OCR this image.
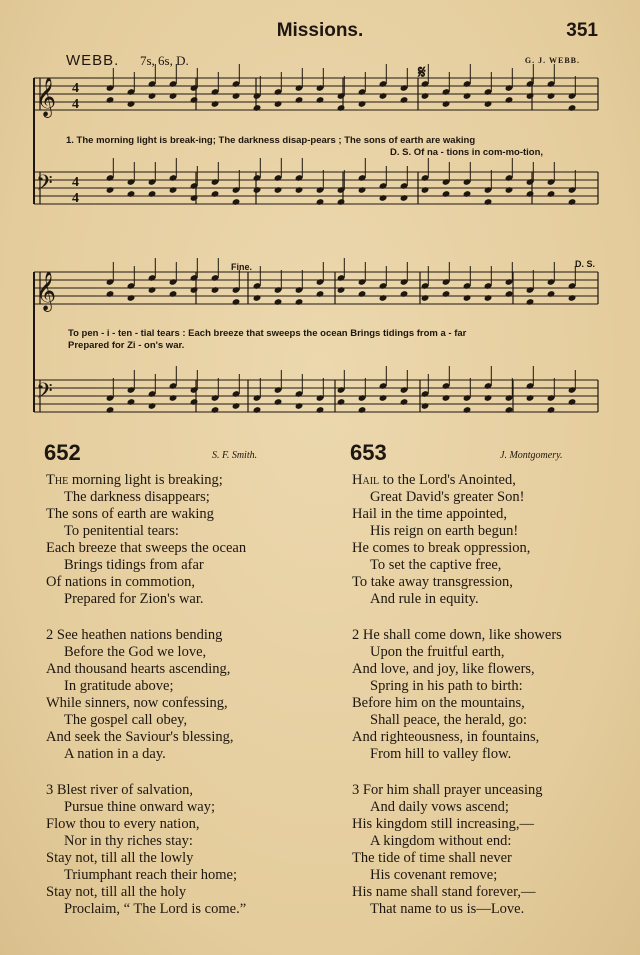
Missions.	351
WEBB. 7s, 6s, D.	G. J. WEBB.
𝄞
𝄢
4
4
4
4
𝄞
𝄢
𝄋
Fine.	D. S.
1. The morning light is break-ing; The darkness disap-pears ; The sons of earth are waking
D. S. Of na - tions in com-mo-tion,
To pen - i - ten - tial tears : Each breeze that sweeps the ocean Brings tidings from a - far
Prepared for Zi - on's war.
652	S. F. Smith.
The morning light is breaking;
The darkness disappears;
The sons of earth are waking
To penitential tears:
Each breeze that sweeps the ocean
Brings tidings from afar
Of nations in commotion,
Prepared for Zion's war.
2 See heathen nations bending
Before the God we love,
And thousand hearts ascending,
In gratitude above;
While sinners, now confessing,
The gospel call obey,
And seek the Saviour's blessing,
A nation in a day.
3 Blest river of salvation,
Pursue thine onward way;
Flow thou to every nation,
Nor in thy riches stay:
Stay not, till all the lowly
Triumphant reach their home;
Stay not, till all the holy
Proclaim, “ The Lord is come.”
653	J. Montgomery.
Hail to the Lord's Anointed,
Great David's greater Son!
Hail in the time appointed,
His reign on earth begun!
He comes to break oppression,
To set the captive free,
To take away transgression,
And rule in equity.
2 He shall come down, like showers
Upon the fruitful earth,
And love, and joy, like flowers,
Spring in his path to birth:
Before him on the mountains,
Shall peace, the herald, go:
And righteousness, in fountains,
From hill to valley flow.
3 For him shall prayer unceasing
And daily vows ascend;
His kingdom still increasing,—
A kingdom without end:
The tide of time shall never
His covenant remove;
His name shall stand forever,—
That name to us is—Love.
